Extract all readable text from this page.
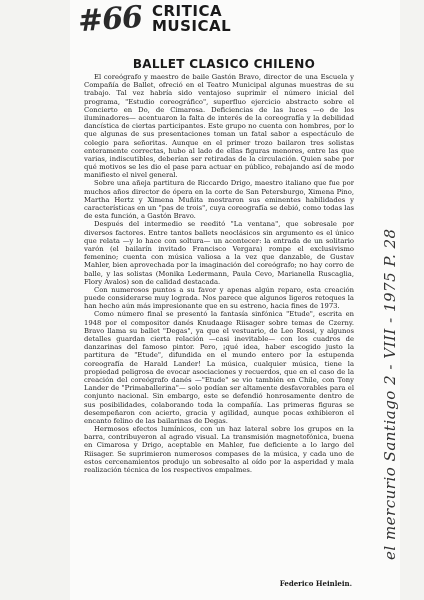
#66 CRITICA
MUSICAL
BALLET CLASICO CHILENO

El coreógrafo y maestro de baile Gastón Bravo, director de una Escuela y Compañía de Ballet, ofreció en el Teatro Municipal algunas muestras de su trabajo. Tal vez habría sido ventajoso suprimir el número inicial del programa, "Estudio coreográfico", superfluo ejercicio abstracto sobre el Concierto en Do, de Cimarosa. Deficiencias de las luces —o de los iluminadores— acentuaron la falta de interés de la coreografía y la debilidad dancística de ciertas participantes. Este grupo no cuenta con hombres, por lo que algunas de sus presentaciones toman un fatal sabor a espectáculo de colegio para señoritas. Aunque en el primer trozo bailaron tres solistas enteramente correctas, hubo al lado de ellas figuras menores, entre las que varias, indiscutibles, deberían ser retiradas de la circulación. Quien sabe por qué motivos se les dio el pase para actuar en público, rebajando así de modo manifiesto el nivel general.

Sobre una añeja partitura de Riccardo Drigo, maestro italiano que fue por muchos años director de ópera en la corte de San Petersburgo, Ximena Pino, Martha Hertz y Ximena Muñita mostraron sus eminentes habilidades y características en un "pas de trois", cuya coreografía se debió, como todas las de esta función, a Gastón Bravo.

Después del intermedio se reeditó "La ventana", que sobresale por diversos factores. Entre tantos ballets neoclásicos sin argumento es el único que relata —y lo hace con soltura— un acontecer: la entrada de un solitario varón (el bailarín invitado Francisco Vergara) rompe el exclusivismo femenino; cuenta con música valiosa a la vez que danzable, de Gustav Mahler, bien aprovechada por la imaginación del coreógrafo; no hay corro de balle, y las solistas (Monika Ledermann, Paula Cevo, Marianella Ruscaglia, Flory Avalos) son de calidad destacada.

Con numerosos puntos a su favor y apenas algún reparo, esta creación puede considerarse muy lograda. Nos parece que algunos ligeros retoques la han hecho aún más impresionante que en su estreno, hacia fines de 1973.

Como número final se presentó la fantasía sinfónica "Etude", escrita en 1948 por el compositor danés Knudaage Riisager sobre temas de Czerny. Bravo llama su ballet "Degas", ya que el vestuario, de Leo Rossi, y algunos detalles guardan cierta relación —casi inevitable— con los cuadros de danzarinas del famoso pintor. Pero, ¡qué idea, haber escogido justo la partitura de "Etude", difundida en el mundo entero por la estupenda coreografía de Harald Lander! La música, cualquier música, tiene la propiedad peligrosa de evocar asociaciones y recuerdos, que en el caso de la creación del coreógrafo danés —"Etude" se vio también en Chile, con Tony Lander de "Primaballerina"— solo podían ser altamente desfavorables para el conjunto nacional. Sin embargo, este se defendió honrosamente dentro de sus posibilidades, colaborando toda la compañía. Las primeras figuras se desempeñaron con acierto, gracia y agilidad, aunque pocas exhibieron el encanto felino de las bailarinas de Degas.

Hermosos efectos lumínicos, con un haz lateral sobre los grupos en la barra, contribuyeron al agrado visual. La transmisión magnetofónica, buena en Cimarosa y Drigo, aceptable en Mahler, fue deficiente a lo largo del Riisager. Se suprimieron numerosos compases de la música, y cada uno de estos cercenamientos produjo un sobresalto al oído por la asperidad y mala realización técnica de los respectivos empalmes.

Federico Heinlein.
el mercurio Santiago 2 - VIII - 1975 P. 28
